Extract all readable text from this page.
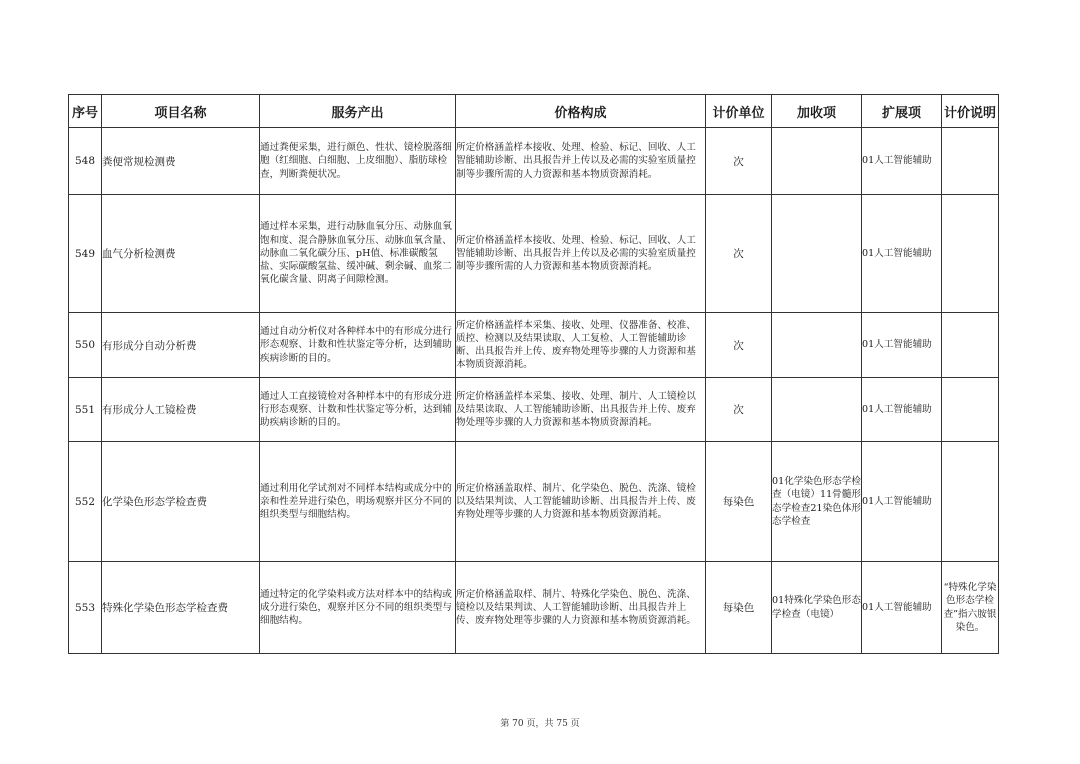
序号	项目名称	服务产出	价格构成	计价单位	加收项	扩展项	计价说明
548	粪便常规检测费	通过粪便采集，进行颜色、性状、镜检脱落细胞（红细胞、白细胞、上皮细胞）、脂肪球检查，判断粪便状况。	所定价格涵盖样本接收、处理、检验、标记、回收、人工智能辅助诊断、出具报告并上传以及必需的实验室质量控制等步骤所需的人力资源和基本物质资源消耗。	次		01人工智能辅助	
549	血气分析检测费	通过样本采集，进行动脉血氧分压、动脉血氧饱和度、混合静脉血氧分压、动脉血氧含量、动脉血二氧化碳分压、pH值、标准碳酸氢盐、实际碳酸氢盐、缓冲碱、剩余碱、血浆二氧化碳含量、阴离子间隙检测。	所定价格涵盖样本接收、处理、检验、标记、回收、人工智能辅助诊断、出具报告并上传以及必需的实验室质量控制等步骤所需的人力资源和基本物质资源消耗。	次		01人工智能辅助	
550	有形成分自动分析费	通过自动分析仪对各种样本中的有形成分进行形态观察、计数和性状鉴定等分析，达到辅助疾病诊断的目的。	所定价格涵盖样本采集、接收、处理、仪器准备、校准、质控、检测以及结果读取、人工复检、人工智能辅助诊断、出具报告并上传、废弃物处理等步骤的人力资源和基本物质资源消耗。	次		01人工智能辅助	
551	有形成分人工镜检费	通过人工直接镜检对各种样本中的有形成分进行形态观察、计数和性状鉴定等分析，达到辅助疾病诊断的目的。	所定价格涵盖样本采集、接收、处理、制片、人工镜检以及结果读取、人工智能辅助诊断、出具报告并上传、废弃物处理等步骤的人力资源和基本物质资源消耗。	次		01人工智能辅助	
552	化学染色形态学检查费	通过利用化学试剂对不同样本结构或成分中的亲和性差异进行染色，明场观察并区分不同的组织类型与细胞结构。	所定价格涵盖取样、制片、化学染色、脱色、洗涤、镜检以及结果判读、人工智能辅助诊断、出具报告并上传、废弃物处理等步骤的人力资源和基本物质资源消耗。	每染色	01化学染色形态学检查（电镜）11骨髓形态学检查21染色体形态学检查	01人工智能辅助	
553	特殊化学染色形态学检查费	通过特定的化学染料或方法对样本中的结构或成分进行染色，观察并区分不同的组织类型与细胞结构。	所定价格涵盖取样、制片、特殊化学染色、脱色、洗涤、镜检以及结果判读、人工智能辅助诊断、出具报告并上传、废弃物处理等步骤的人力资源和基本物质资源消耗。	每染色	01特殊化学染色形态学检查（电镜）	01人工智能辅助	“特殊化学染色形态学检查”指六胺银染色。
第 70 页，共 75 页
